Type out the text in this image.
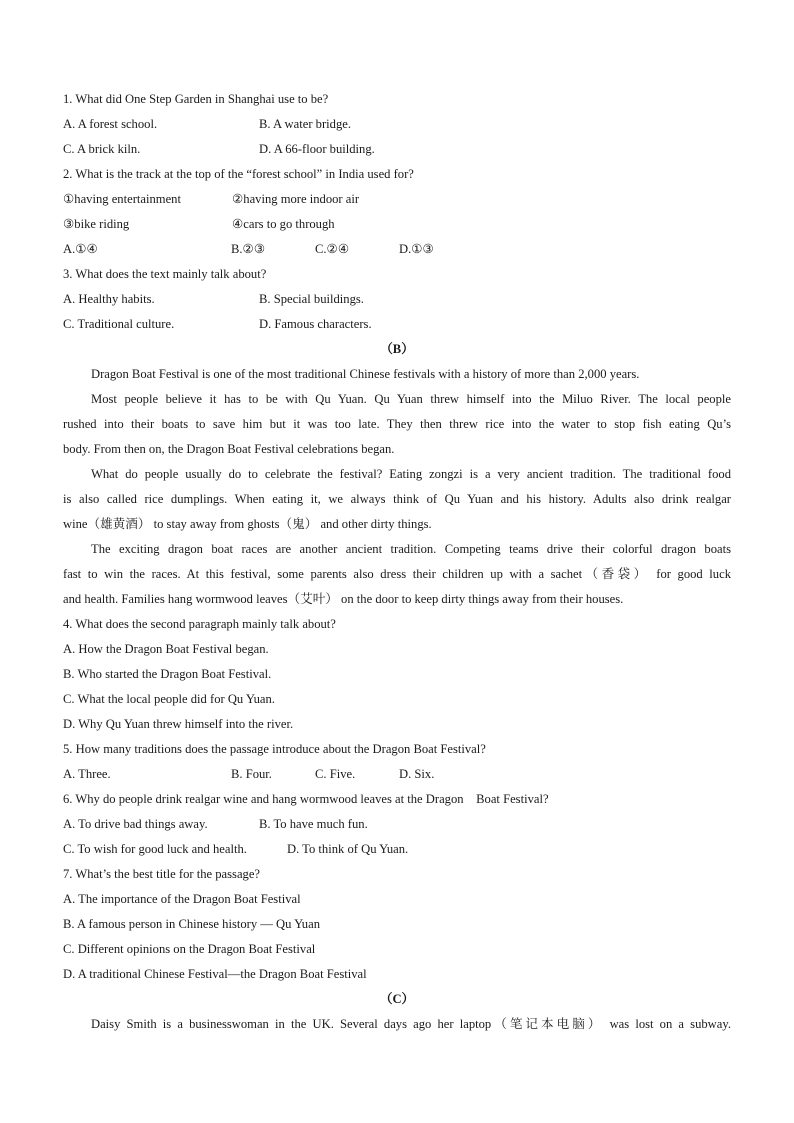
1. What did One Step Garden in Shanghai use to be?
A. A forest school.	B. A water bridge.
C. A brick kiln.	D. A 66-floor building.
2. What is the track at the top of the “forest school” in India used for?
①having entertainment	②having more indoor air
③bike riding	④cars to go through
A.①④	B.②③	C.②④	D.①③
3. What does the text mainly talk about?
A. Healthy habits.	B. Special buildings.
C. Traditional culture.	D. Famous characters.
（B）
Dragon Boat Festival is one of the most traditional Chinese festivals with a history of more than 2,000 years.
Most people believe it has to be with Qu Yuan. Qu Yuan threw himself into the Miluo River. The local people
rushed into their boats to save him but it was too late. They then threw rice into the water to stop fish eating Qu’s
body. From then on, the Dragon Boat Festival celebrations began.
What do people usually do to celebrate the festival? Eating zongzi is a very ancient tradition. The traditional food
is also called rice dumplings. When eating it, we always think of Qu Yuan and his history. Adults also drink realgar
wine（雄黄酒） to stay away from ghosts（鬼） and other dirty things.
The exciting dragon boat races are another ancient tradition. Competing teams drive their colorful dragon boats
fast to win the races. At this festival, some parents also dress their children up with a sachet（香袋） for good luck
and health. Families hang wormwood leaves（艾叶） on the door to keep dirty things away from their houses.
4. What does the second paragraph mainly talk about?
A. How the Dragon Boat Festival began.
B. Who started the Dragon Boat Festival.
C. What the local people did for Qu Yuan.
D. Why Qu Yuan threw himself into the river.
5. How many traditions does the passage introduce about the Dragon Boat Festival?
A. Three.	B. Four.	C. Five.	D. Six.
6. Why do people drink realgar wine and hang wormwood leaves at the Dragon    Boat Festival?
A. To drive bad things away.	B. To have much fun.
C. To wish for good luck and health.	D. To think of Qu Yuan.
7. What’s the best title for the passage?
A. The importance of the Dragon Boat Festival
B. A famous person in Chinese history — Qu Yuan
C. Different opinions on the Dragon Boat Festival
D. A traditional Chinese Festival—the Dragon Boat Festival
（C）
Daisy Smith is a businesswoman in the UK. Several days ago her laptop（笔记本电脑） was lost on a subway.
